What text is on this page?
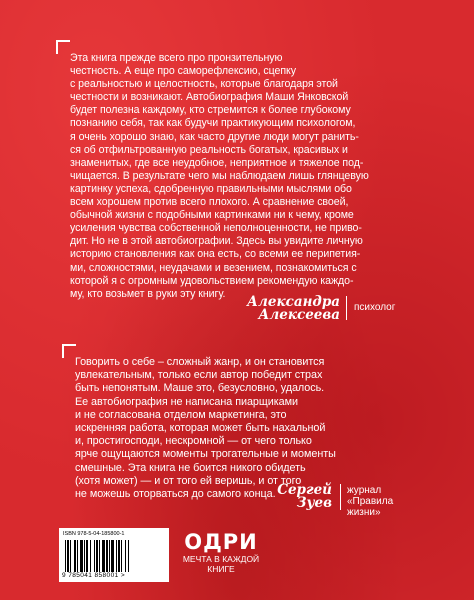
Эта книга прежде всего про пронзительную
честность. А еще про саморефлексию, сцепку
с реальностью и целостность, которые благодаря этой
честности и возникают. Автобиография Маши Янковской
будет полезна каждому, кто стремится к более глубокому
познанию себя, так как будучи практикующим психологом,
я очень хорошо знаю, как часто другие люди могут ранить-
ся об отфильтрованную реальность богатых, красивых и
знаменитых, где все неудобное, неприятное и тяжелое под-
чищается. В результате чего мы наблюдаем лишь глянцевую
картинку успеха, сдобренную правильными мыслями обо
всем хорошем против всего плохого. А сравнение своей,
обычной жизни с подобными картинками ни к чему, кроме
усиления чувства собственной неполноценности, не приво-
дит. Но не в этой автобиографии. Здесь вы увидите личную
историю становления как она есть, со всеми ее перипетия-
ми, сложностями, неудачами и везением, познакомиться с
которой я с огромным удовольствием рекомендую каждо-
му, кто возьмет в руки эту книгу.
Александра
Алексеева психолог
Говорить о себе – сложный жанр, и он становится
увлекательным, только если автор победит страх
быть непонятым. Маше это, безусловно, удалось.
Ее автобиография не написана пиарщиками
и не согласована отделом маркетинга, это
искренняя работа, которая может быть нахальной
и, простигосподи, нескромной — от чего только
ярче ощущаются моменты трогательные и моменты
смешные. Эта книга не боится никого обидеть
(хотя может) — и от того ей веришь, и от того
не можешь оторваться до самого конца. Сергей
Зуев
журнал
«Правила
жизни»
ISBN 978-5-04-185800-1
9 785041 858001 >
ОДРИ
МЕЧТА В КАЖДОЙ
КНИГЕ
